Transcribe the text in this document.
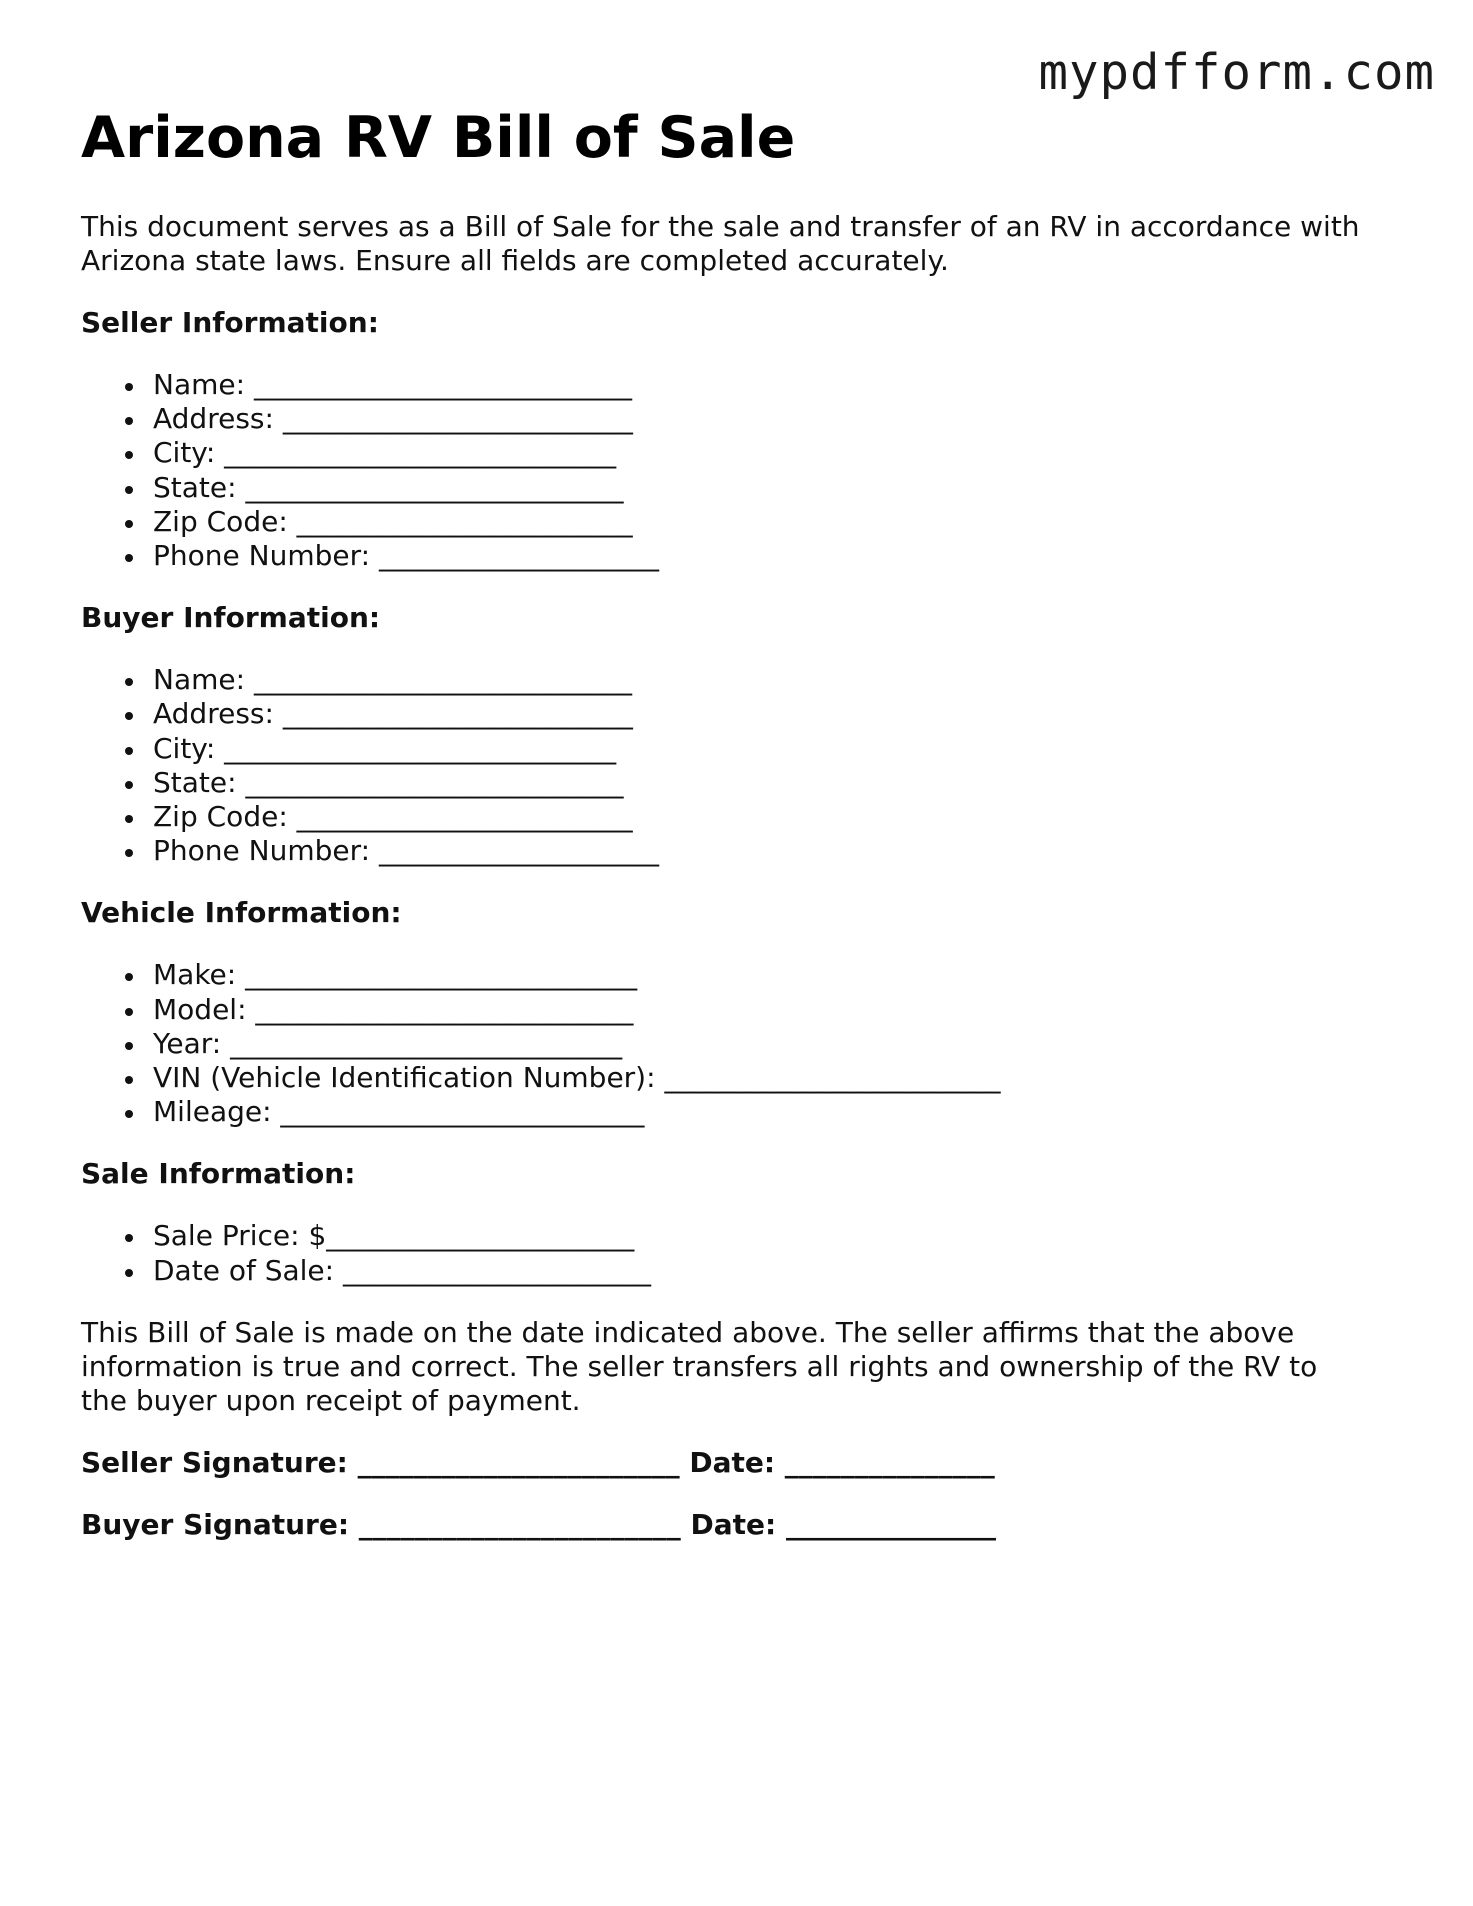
mypdfform.com
Arizona RV Bill of Sale

This document serves as a Bill of Sale for the sale and transfer of an RV in accordance with Arizona state laws. Ensure all fields are completed accurately.

Seller Information:
Name: ___________________________
Address: _________________________
City: ____________________________
State: ___________________________
Zip Code: ________________________
Phone Number: ____________________
Buyer Information:
Name: ___________________________
Address: _________________________
City: ____________________________
State: ___________________________
Zip Code: ________________________
Phone Number: ____________________
Vehicle Information:
Make: ____________________________
Model: ___________________________
Year: ____________________________
VIN (Vehicle Identification Number): ________________________
Mileage: __________________________
Sale Information:
Sale Price: $______________________
Date of Sale: ______________________

This Bill of Sale is made on the date indicated above. The seller affirms that the above information is true and correct. The seller transfers all rights and ownership of the RV to the buyer upon receipt of payment.

Seller Signature: _______________________ Date: _______________
Buyer Signature: _______________________ Date: _______________
